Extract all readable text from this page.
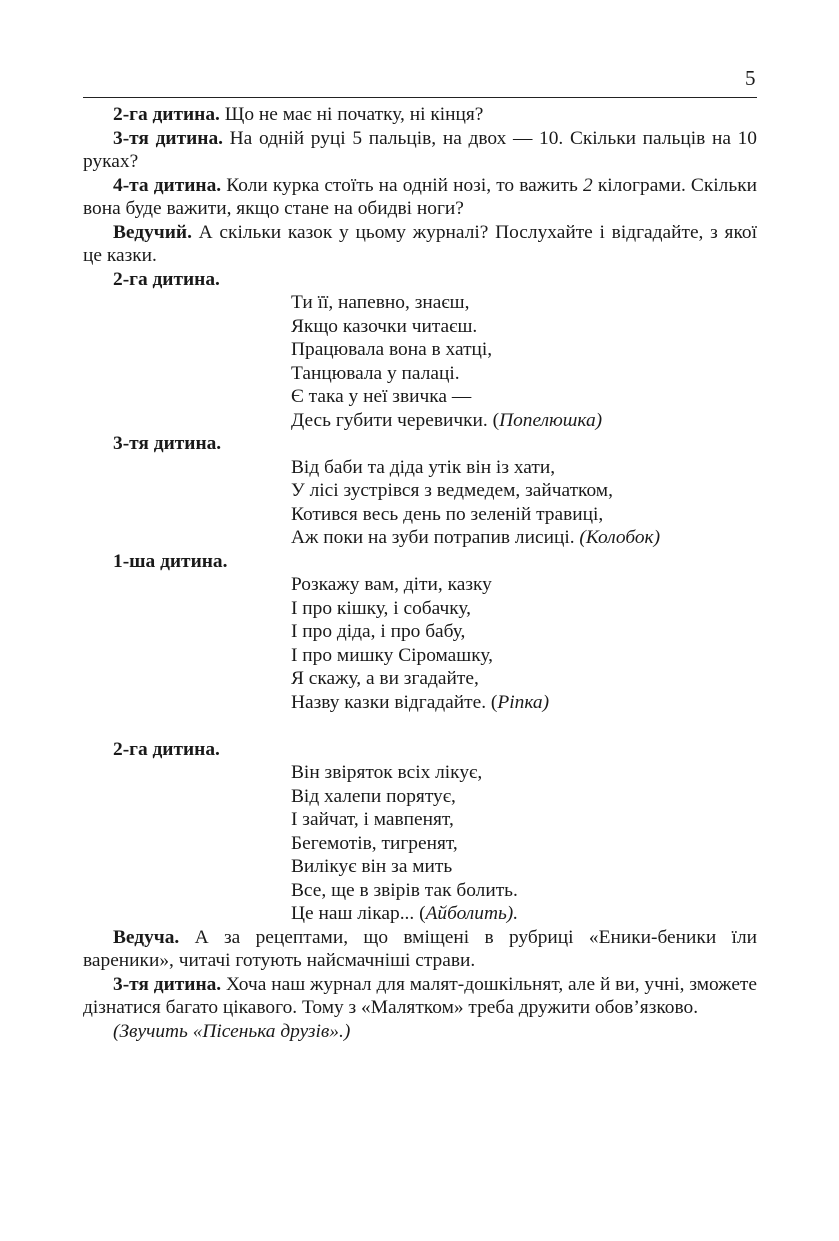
5

2-га дитина. Що не має ні початку, ні кінця?

3-тя дитина. На одній руці 5 пальців, на двох — 10. Скільки пальців на 10 руках?

4-та дитина. Коли курка стоїть на одній нозі, то важить 2 кілограми. Скільки вона буде важити, якщо стане на обидві ноги?

Ведучий. А скільки казок у цьому журналі? Послухайте і відгадайте, з якої це казки.

2-га дитина.

Ти її, напевно, знаєш,

Якщо казочки читаєш.

Працювала вона в хатці,

Танцювала у палаці.

Є така у неї звичка —

Десь губити черевички. (Попелюшка)

3-тя дитина.

Від баби та діда утік він із хати,

У лісі зустрівся з ведмедем, зайчатком,

Котився весь день по зеленій травиці,

Аж поки на зуби потрапив лисиці. (Колобок)

1-ша дитина.

Розкажу вам, діти, казку

І про кішку, і собачку,

І про діда, і про бабу,

І про мишку Сіромашку,

Я скажу, а ви згадайте,

Назву казки відгадайте. (Ріпка)

2-га дитина.

Він звіряток всіх лікує,

Від халепи порятує,

І зайчат, і мавпенят,

Бегемотів, тигренят,

Вилікує він за мить

Все, ще в звірів так болить.

Це наш лікар... (Айболить).

Ведуча. А за рецептами, що вміщені в рубриці «Еники-беники їли вареники», читачі готують найсмачніші страви.

3-тя дитина. Хоча наш журнал для малят-дошкільнят, але й ви, учні, зможете дізнатися багато цікавого. Тому з «Малятком» треба дружити обов’язково.

(Звучить «Пісенька друзів».)
